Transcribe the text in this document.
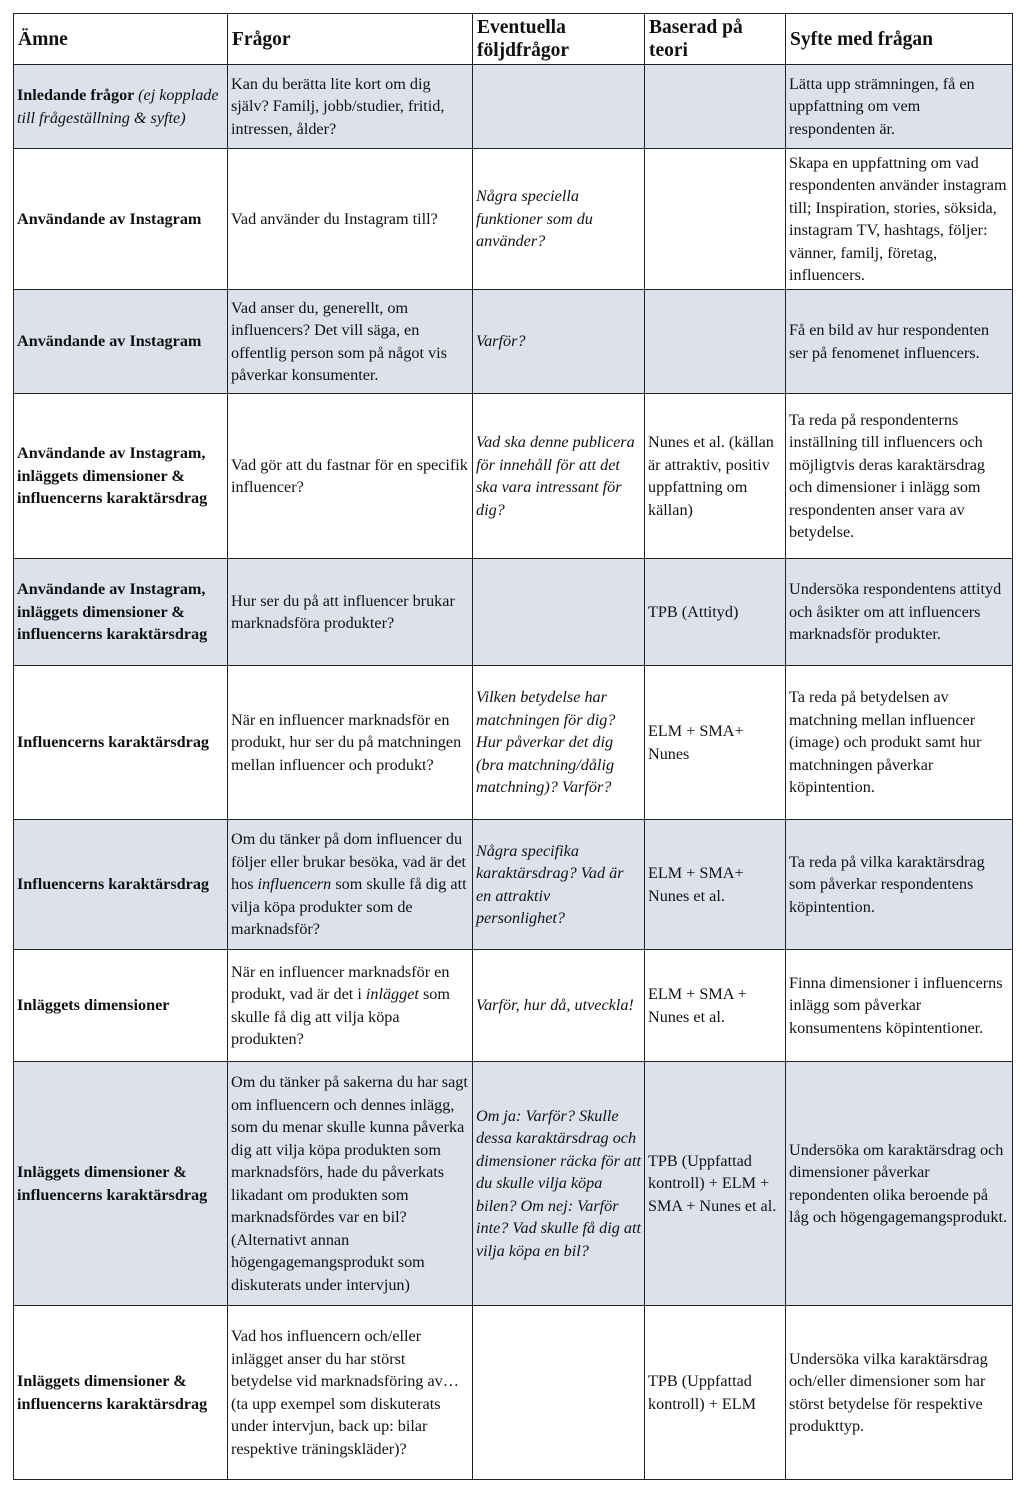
Ämne	Frågor	Eventuella följdfrågor	Baserad på teori	Syfte med frågan
Inledande frågor (ej kopplade till frågeställning & syfte)	Kan du berätta lite kort om dig själv? Familj, jobb/studier, fritid, intressen, ålder?			Lätta upp strämningen, få en uppfattning om vem respondenten är.
Användande av Instagram	Vad använder du Instagram till?	Några speciella funktioner som du använder?		Skapa en uppfattning om vad respondenten använder instagram till; Inspiration, stories, söksida, instagram TV, hashtags, följer: vänner, familj, företag, influencers.
Användande av Instagram	Vad anser du, generellt, om influencers? Det vill säga, en offentlig person som på något vis påverkar konsumenter.	Varför?		Få en bild av hur respondenten ser på fenomenet influencers.
Användande av Instagram, inläggets dimensioner & influencerns karaktärsdrag	Vad gör att du fastnar för en specifik influencer?	Vad ska denne publicera för innehåll för att det ska vara intressant för dig?	Nunes et al. (källan är attraktiv, positiv uppfattning om källan)	Ta reda på respondenterns inställning till influencers och möjligtvis deras karaktärsdrag och dimensioner i inlägg som respondenten anser vara av betydelse.
Användande av Instagram, inläggets dimensioner & influencerns karaktärsdrag	Hur ser du på att influencer brukar marknadsföra produkter?		TPB (Attityd)	Undersöka respondentens attityd och åsikter om att influencers marknadsför produkter.
Influencerns karaktärsdrag	När en influencer marknadsför en produkt, hur ser du på matchningen mellan influencer och produkt?	Vilken betydelse har matchningen för dig? Hur påverkar det dig (bra matchning/dålig matchning)? Varför?	ELM + SMA+ Nunes	Ta reda på betydelsen av matchning mellan influencer (image) och produkt samt hur matchningen påverkar köpintention.
Influencerns karaktärsdrag	Om du tänker på dom influencer du följer eller brukar besöka, vad är det hos influencern som skulle få dig att vilja köpa produkter som de marknadsför?	Några specifika karaktärsdrag? Vad är en attraktiv personlighet?	ELM + SMA+ Nunes et al.	Ta reda på vilka karaktärsdrag som påverkar respondentens köpintention.
Inläggets dimensioner	När en influencer marknadsför en produkt, vad är det i inlägget som skulle få dig att vilja köpa produkten?	Varför, hur då, utveckla!	ELM + SMA + Nunes et al.	Finna dimensioner i influencerns inlägg som påverkar konsumentens köpintentioner.
Inläggets dimensioner & influencerns karaktärsdrag	Om du tänker på sakerna du har sagt om influencern och dennes inlägg, som du menar skulle kunna påverka dig att vilja köpa produkten som marknadsförs, hade du påverkats likadant om produkten som marknadsfördes var en bil? (Alternativt annan högengagemangsprodukt som diskuterats under intervjun)	Om ja: Varför? Skulle dessa karaktärsdrag och dimensioner räcka för att du skulle vilja köpa bilen? Om nej: Varför inte? Vad skulle få dig att vilja köpa en bil?	TPB (Uppfattad kontroll) + ELM + SMA + Nunes et al.	Undersöka om karaktärsdrag och dimensioner påverkar repondenten olika beroende på låg och högengagemangsprodukt.
Inläggets dimensioner & influencerns karaktärsdrag	Vad hos influencern och/eller inlägget anser du har störst betydelse vid marknadsföring av…(ta upp exempel som diskuterats under intervjun, back up: bilar respektive träningskläder)?		TPB (Uppfattad kontroll) + ELM	Undersöka vilka karaktärsdrag och/eller dimensioner som har störst betydelse för respektive produkttyp.
